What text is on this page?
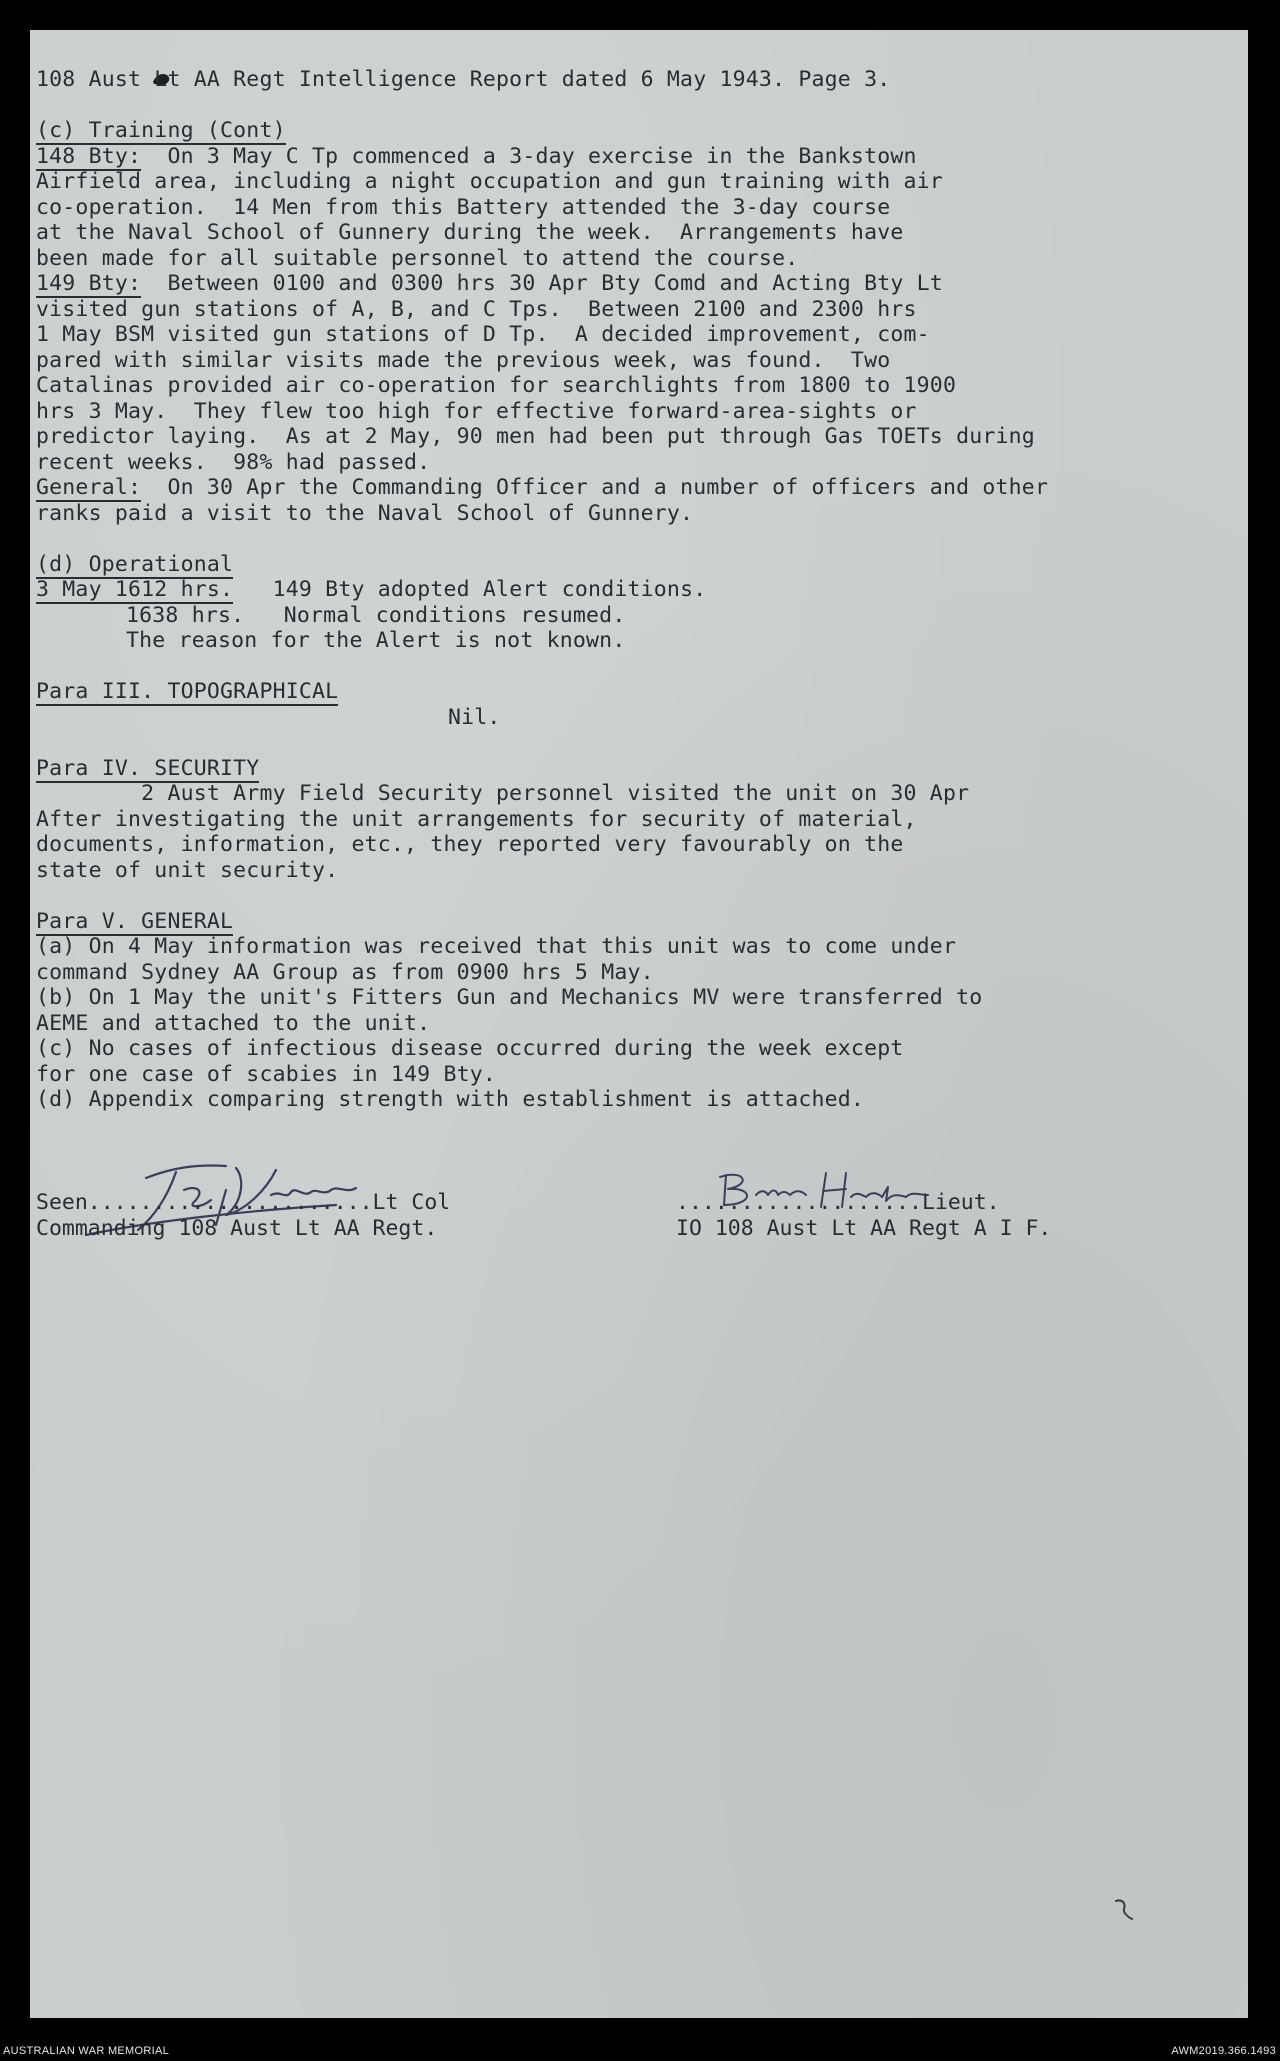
108 Aust Lt AA Regt Intelligence Report dated 6 May 1943. Page 3.
(c) Training (Cont)
148 Bty:  On 3 May C Tp commenced a 3-day exercise in the Bankstown
Airfield area, including a night occupation and gun training with air
co-operation.  14 Men from this Battery attended the 3-day course
at the Naval School of Gunnery during the week.  Arrangements have
been made for all suitable personnel to attend the course.
149 Bty:  Between 0100 and 0300 hrs 30 Apr Bty Comd and Acting Bty Lt
visited gun stations of A, B, and C Tps.  Between 2100 and 2300 hrs
1 May BSM visited gun stations of D Tp.  A decided improvement, com-
pared with similar visits made the previous week, was found.  Two
Catalinas provided air co-operation for searchlights from 1800 to 1900
hrs 3 May.  They flew too high for effective forward-area-sights or
predictor laying.  As at 2 May, 90 men had been put through Gas TOETs during
recent weeks.  98% had passed.
General:  On 30 Apr the Commanding Officer and a number of officers and other
ranks paid a visit to the Naval School of Gunnery.
(d) Operational
3 May 1612 hrs.   149 Bty adopted Alert conditions.
1638 hrs.   Normal conditions resumed.
The reason for the Alert is not known.
Para III. TOPOGRAPHICAL
Nil.
Para IV. SECURITY
2 Aust Army Field Security personnel visited the unit on 30 Apr
After investigating the unit arrangements for security of material,
documents, information, etc., they reported very favourably on the
state of unit security.
Para V. GENERAL
(a) On 4 May information was received that this unit was to come under
command Sydney AA Group as from 0900 hrs 5 May.
(b) On 1 May the unit's Fitters Gun and Mechanics MV were transferred to
AEME and attached to the unit.
(c) No cases of infectious disease occurred during the week except
for one case of scabies in 149 Bty.
(d) Appendix comparing strength with establishment is attached.
Seen......................Lt Col
Commanding 108 Aust Lt AA Regt.
...................Lieut.
IO 108 Aust Lt AA Regt A I F.
AUSTRALIAN WAR MEMORIAL	AWM2019.366.1493
